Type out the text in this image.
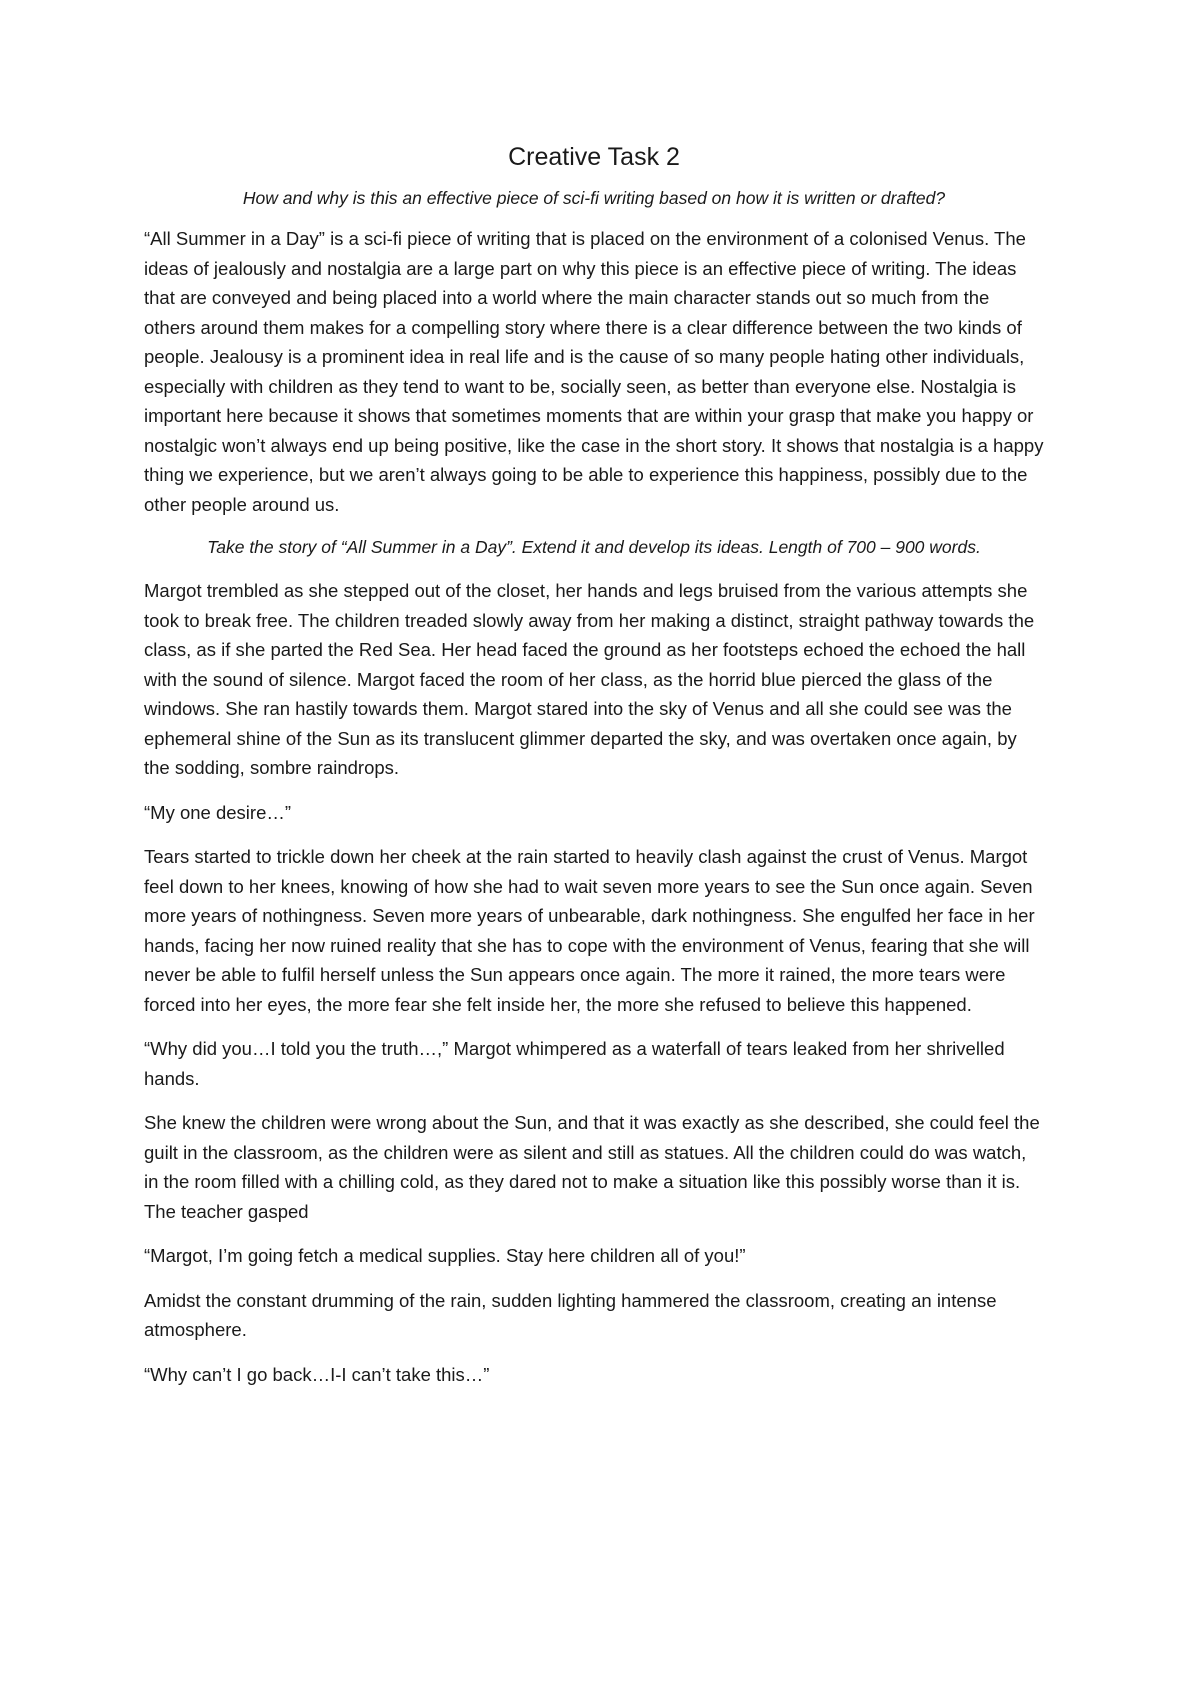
Creative Task 2

How and why is this an effective piece of sci-fi writing based on how it is written or drafted?

“All Summer in a Day” is a sci-fi piece of writing that is placed on the environment of a colonised Venus. The ideas of jealously and nostalgia are a large part on why this piece is an effective piece of writing. The ideas that are conveyed and being placed into a world where the main character stands out so much from the others around them makes for a compelling story where there is a clear difference between the two kinds of people. Jealousy is a prominent idea in real life and is the cause of so many people hating other individuals, especially with children as they tend to want to be, socially seen, as better than everyone else. Nostalgia is important here because it shows that sometimes moments that are within your grasp that make you happy or nostalgic won’t always end up being positive, like the case in the short story. It shows that nostalgia is a happy thing we experience, but we aren’t always going to be able to experience this happiness, possibly due to the other people around us.

Take the story of “All Summer in a Day”. Extend it and develop its ideas. Length of 700 – 900 words.

Margot trembled as she stepped out of the closet, her hands and legs bruised from the various attempts she took to break free. The children treaded slowly away from her making a distinct, straight pathway towards the class, as if she parted the Red Sea. Her head faced the ground as her footsteps echoed the echoed the hall with the sound of silence. Margot faced the room of her class, as the horrid blue pierced the glass of the windows. She ran hastily towards them. Margot stared into the sky of Venus and all she could see was the ephemeral shine of the Sun as its translucent glimmer departed the sky, and was overtaken once again, by the sodding, sombre raindrops.

“My one desire…”

Tears started to trickle down her cheek at the rain started to heavily clash against the crust of Venus. Margot feel down to her knees, knowing of how she had to wait seven more years to see the Sun once again. Seven more years of nothingness. Seven more years of unbearable, dark nothingness. She engulfed her face in her hands, facing her now ruined reality that she has to cope with the environment of Venus, fearing that she will never be able to fulfil herself unless the Sun appears once again. The more it rained, the more tears were forced into her eyes, the more fear she felt inside her, the more she refused to believe this happened.

“Why did you…I told you the truth…,” Margot whimpered as a waterfall of tears leaked from her shrivelled hands.

She knew the children were wrong about the Sun, and that it was exactly as she described, she could feel the guilt in the classroom, as the children were as silent and still as statues. All the children could do was watch, in the room filled with a chilling cold, as they dared not to make a situation like this possibly worse than it is. The teacher gasped

“Margot, I’m going fetch a medical supplies. Stay here children all of you!”

Amidst the constant drumming of the rain, sudden lighting hammered the classroom, creating an intense atmosphere.

“Why can’t I go back…I-I can’t take this…”
